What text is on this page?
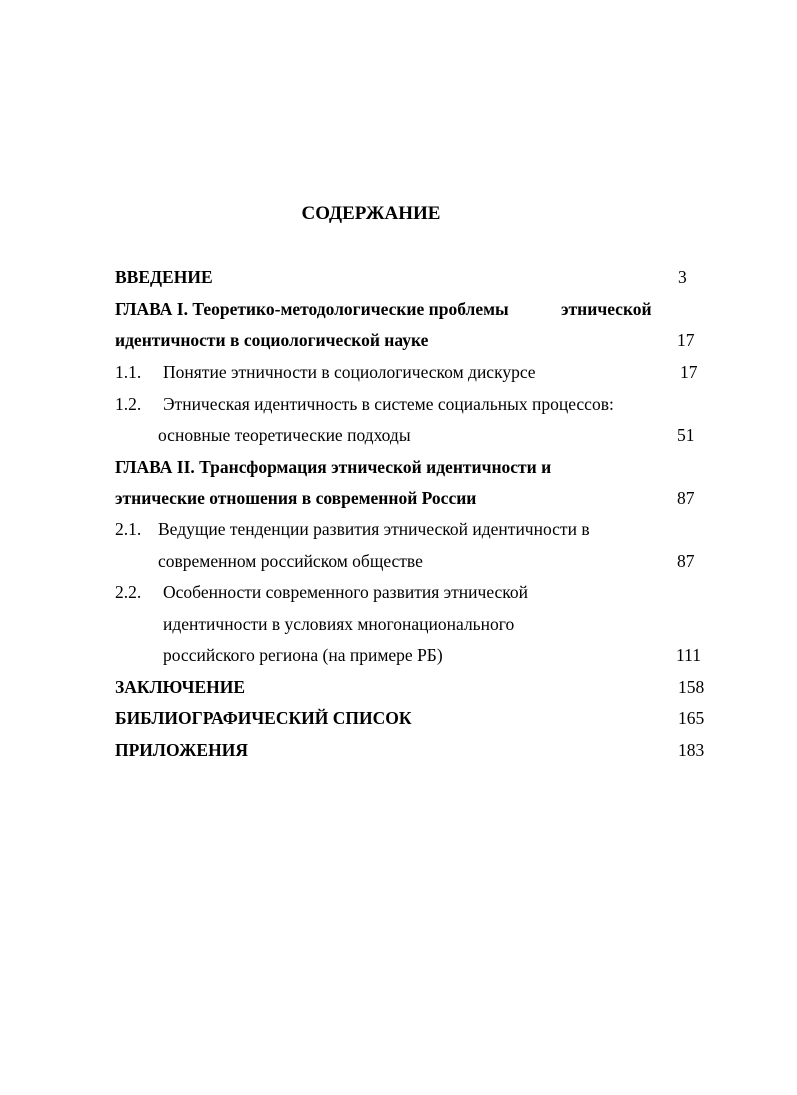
СОДЕРЖАНИЕ
ВВЕДЕНИЕ	3
ГЛАВА I. Теоретико-методологические проблемы	этнической
идентичности в социологической науке	17
1.1. Понятие этничности в социологическом дискурсе	17
1.2. Этническая идентичность в системе социальных процессов:
основные теоретические подходы	51
ГЛАВА II. Трансформация этнической идентичности и
этнические отношения в современной России	87
2.1. Ведущие тенденции развития этнической идентичности в
современном российском обществе	87
2.2. Особенности современного развития этнической
идентичности в условиях многонационального
российского региона (на примере РБ)	111
ЗАКЛЮЧЕНИЕ	158
БИБЛИОГРАФИЧЕСКИЙ СПИСОК	165
ПРИЛОЖЕНИЯ	183
